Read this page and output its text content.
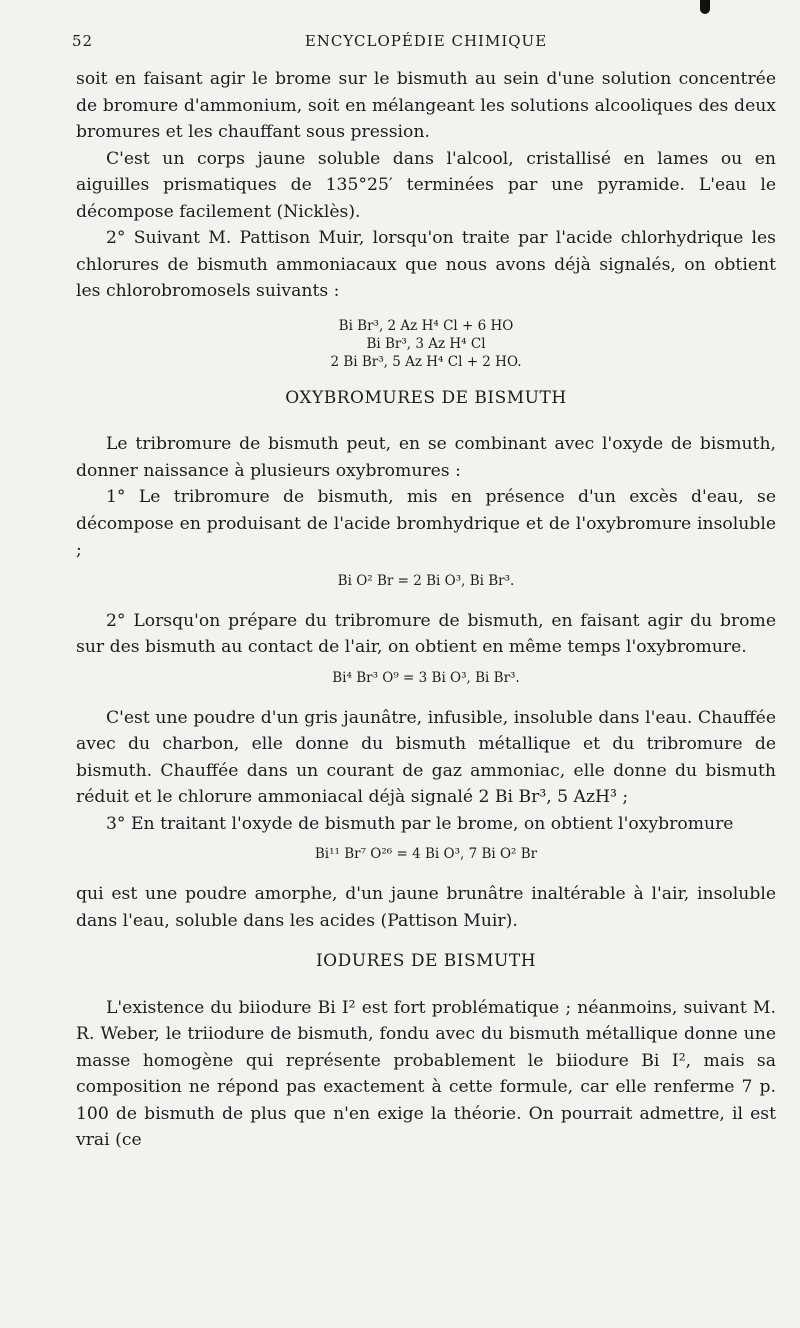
52	ENCYCLOPÉDIE CHIMIQUE

soit en faisant agir le brome sur le bismuth au sein d'une solution concentrée de bromure d'ammonium, soit en mélangeant les solutions alcooliques des deux bromures et les chauffant sous pression.

C'est un corps jaune soluble dans l'alcool, cristallisé en lames ou en aiguilles prismatiques de 135°25′ terminées par une pyramide. L'eau le décompose facilement (Nicklès).

2° Suivant M. Pattison Muir, lorsqu'on traite par l'acide chlorhydrique les chlorures de bismuth ammoniacaux que nous avons déjà signalés, on obtient les chlorobromosels suivants :

Bi Br³, 2 Az H⁴ Cl + 6 HO
Bi Br³, 3 Az H⁴ Cl
2 Bi Br³, 5 Az H⁴ Cl + 2 HO.
OXYBROMURES DE BISMUTH

Le tribromure de bismuth peut, en se combinant avec l'oxyde de bismuth, donner naissance à plusieurs oxybromures :

1° Le tribromure de bismuth, mis en présence d'un excès d'eau, se décompose en produisant de l'acide bromhydrique et de l'oxybromure insoluble ;

Bi O² Br = 2 Bi O³, Bi Br³.

2° Lorsqu'on prépare du tribromure de bismuth, en faisant agir du brome sur des bismuth au contact de l'air, on obtient en même temps l'oxybromure.

Bi⁴ Br³ O⁹ = 3 Bi O³, Bi Br³.

C'est une poudre d'un gris jaunâtre, infusible, insoluble dans l'eau. Chauffée avec du charbon, elle donne du bismuth métallique et du tribromure de bismuth. Chauffée dans un courant de gaz ammoniac, elle donne du bismuth réduit et le chlorure ammoniacal déjà signalé 2 Bi Br³, 5 AzH³ ;

3° En traitant l'oxyde de bismuth par le brome, on obtient l'oxybromure

Bi¹¹ Br⁷ O²⁶ = 4 Bi O³, 7 Bi O² Br

qui est une poudre amorphe, d'un jaune brunâtre inaltérable à l'air, insoluble dans l'eau, soluble dans les acides (Pattison Muir).

IODURES DE BISMUTH

L'existence du biiodure Bi I² est fort problématique ; néanmoins, suivant M. R. Weber, le triiodure de bismuth, fondu avec du bismuth métallique donne une masse homogène qui représente probablement le biiodure Bi I², mais sa composition ne répond pas exactement à cette formule, car elle renferme 7 p. 100 de bismuth de plus que n'en exige la théorie. On pourrait admettre, il est vrai (ce
